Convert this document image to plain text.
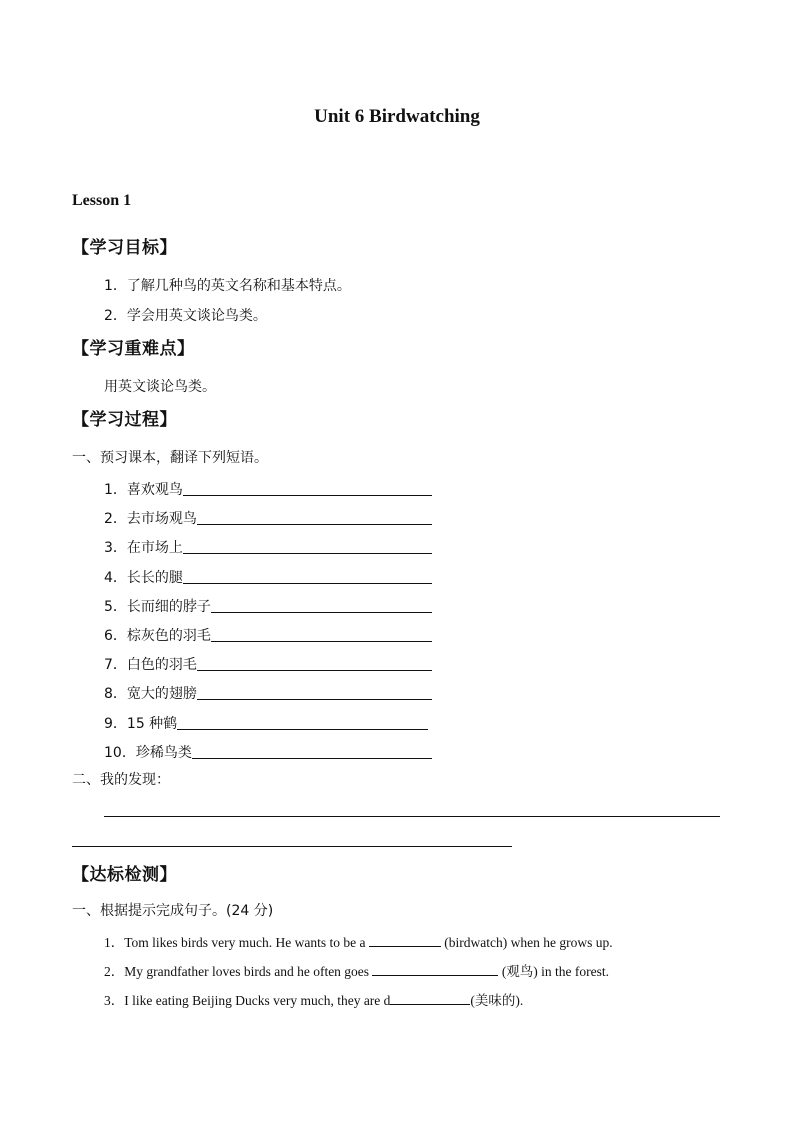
Unit 6 Birdwatching
Lesson 1
【学习目标】
1．了解几种鸟的英文名称和基本特点。
2．学会用英文谈论鸟类。
【学习重难点】
用英文谈论鸟类。
【学习过程】
一、预习课本，翻译下列短语。
1．喜欢观鸟
2．去市场观鸟
3．在市场上
4．长长的腿
5．长而细的脖子
6．棕灰色的羽毛
7．白色的羽毛
8．宽大的翅膀
9．15 种鹤
10．珍稀鸟类
二、我的发现：
【达标检测】
一、根据提示完成句子。(24 分)
1．Tom likes birds very much. He wants to be a	(birdwatch) when he grows up.
2．My grandfather loves birds and he often goes	(观鸟) in the forest.
3．I like eating Beijing Ducks very much, they are d	(美味的).
